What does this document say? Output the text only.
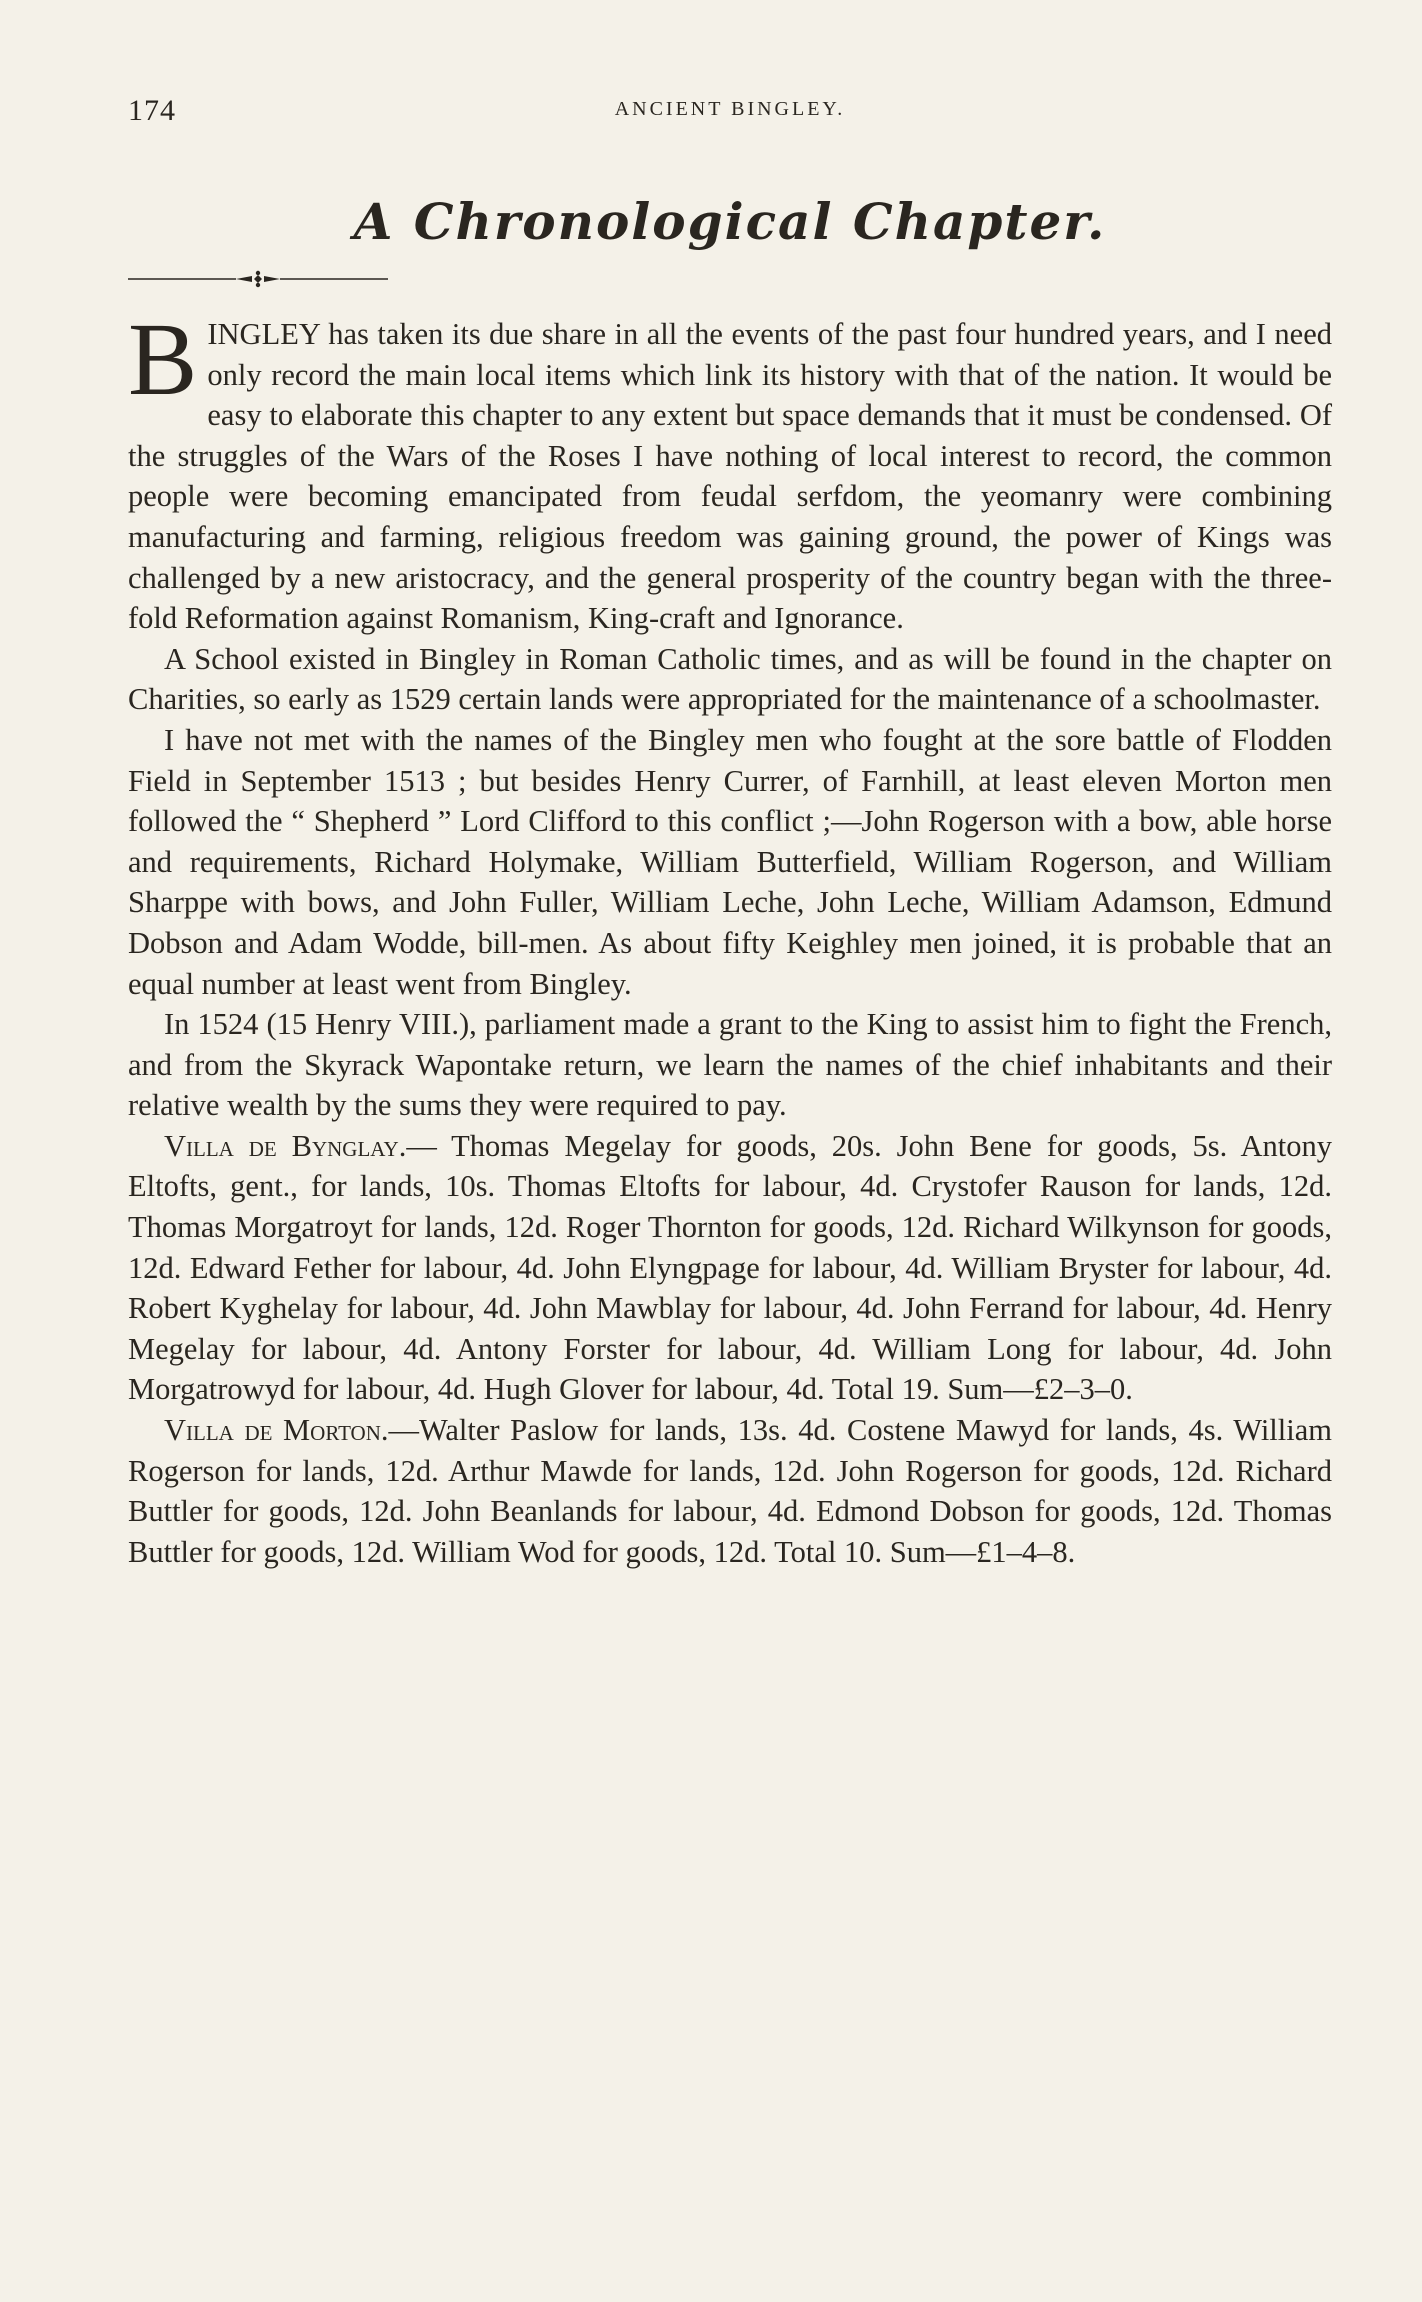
174	ANCIENT BINGLEY.
A Chronological Chapter.

BINGLEY has taken its due share in all the events of the past four hundred years, and I need only record the main local items which link its history with that of the nation. It would be easy to elaborate this chapter to any extent but space demands that it must be condensed. Of the struggles of the Wars of the Roses I have nothing of local interest to record, the common people were becoming emancipated from feudal serfdom, the yeomanry were combining manufacturing and farming, religious freedom was gaining ground, the power of Kings was challenged by a new aristocracy, and the general prosperity of the country began with the three-fold Reformation against Romanism, King-craft and Ignorance.

A School existed in Bingley in Roman Catholic times, and as will be found in the chapter on Charities, so early as 1529 certain lands were appropriated for the maintenance of a schoolmaster.

I have not met with the names of the Bingley men who fought at the sore battle of Flodden Field in September 1513 ; but besides Henry Currer, of Farnhill, at least eleven Morton men followed the “ Shepherd ” Lord Clifford to this conflict ;—John Rogerson with a bow, able horse and requirements, Richard Holymake, William Butterfield, William Rogerson, and William Sharppe with bows, and John Fuller, William Leche, John Leche, William Adamson, Edmund Dobson and Adam Wodde, bill-men. As about fifty Keighley men joined, it is probable that an equal number at least went from Bingley.

In 1524 (15 Henry VIII.), parliament made a grant to the King to assist him to fight the French, and from the Skyrack Wapontake return, we learn the names of the chief inhabitants and their relative wealth by the sums they were required to pay.

Villa de Bynglay.— Thomas Megelay for goods, 20s. John Bene for goods, 5s. Antony Eltofts, gent., for lands, 10s. Thomas Eltofts for labour, 4d. Crystofer Rauson for lands, 12d. Thomas Morgatroyt for lands, 12d. Roger Thornton for goods, 12d. Richard Wilkynson for goods, 12d. Edward Fether for labour, 4d. John Elyngpage for labour, 4d. William Bryster for labour, 4d. Robert Kyghelay for labour, 4d. John Mawblay for labour, 4d. John Ferrand for labour, 4d. Henry Megelay for labour, 4d. Antony Forster for labour, 4d. William Long for labour, 4d. John Morgatrowyd for labour, 4d. Hugh Glover for labour, 4d. Total 19. Sum—£2–3–0.

Villa de Morton.—Walter Paslow for lands, 13s. 4d. Costene Mawyd for lands, 4s. William Rogerson for lands, 12d. Arthur Mawde for lands, 12d. John Rogerson for goods, 12d. Richard Buttler for goods, 12d. John Beanlands for labour, 4d. Edmond Dobson for goods, 12d. Thomas Buttler for goods, 12d. William Wod for goods, 12d. Total 10. Sum—£1–4–8.
